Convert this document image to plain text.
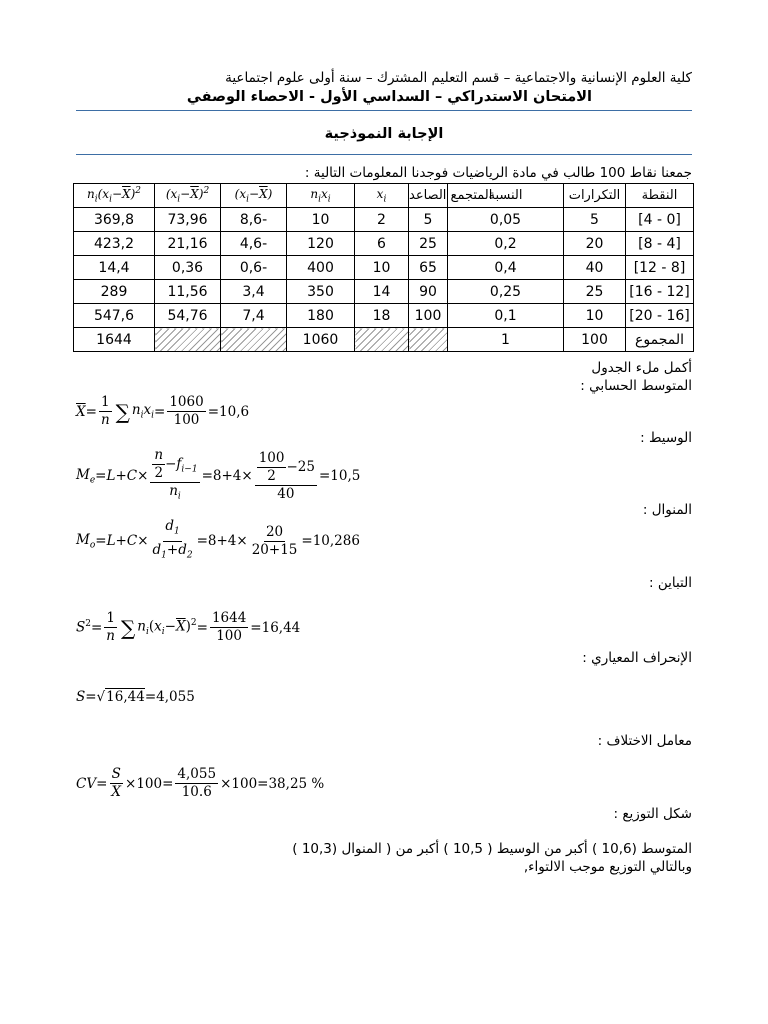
كلية العلوم الإنسانية والاجتماعية – قسم التعليم المشترك – سنة أولى علوم اجتماعية
الامتحان الاستدراكي – السداسي الأول - الاحصاء الوصفي
الإجابة النموذجية
جمعنا نقاط 100 طالب في مادة الرياضيات فوجدنا المعلومات التالية :
$n_i(x_i-\overline{X})^2$	$(x_i-\overline{X})^2$	$(x_i-\overline{X})$	$n_ix_i$	$x_i$	المتجمع الصاعد	النسبة	التكرارات	النقطة
369,8	73,96	8,6-	10	2	5	0,05	5	[4 - 0]
423,2	21,16	4,6-	120	6	25	0,2	20	[8 - 4]
14,4	0,36	0,6-	400	10	65	0,4	40	[12 - 8]
289	11,56	3,4	350	14	90	0,25	25	[16 - 12]
547,6	54,76	7,4	180	18	100	0,1	10	[20 - 16]
1644			1060			1	100	المجموع
أكمل ملء الجدول
المتوسط الحسابي :
$\overline{X} = \frac{1}{n}$ ∑ $n_ix_i = \frac{1060}{100} =10,6$
الوسيط :
$M_e = L + C \times \frac{\frac{n}{2} -f_{i-1}}{n_i} =8+4\times \frac{\frac{100}{2} -25}{40} =10,5$
المنوال :
$M_o = L + C \times \frac{d_1}{d_1+d_2} =8+4\times \frac{20}{20+15} =10,286$
التباين :
$S^2 = \frac{1}{n}$ ∑ $n_i(x_i-\overline{X})^2 = \frac{1644}{100} =16,44$
الإنحراف المعياري :
S =√ 16,44 =4,055
معامل الاختلاف :
CV = $\frac{S}{X} \times 100= \frac{4,055}{10.6} \times 100=38,25$ %
شكل التوزيع :
المتوسط (10,6 ) أكبر من الوسيط ( 10,5 ) أكبر من ( المنوال (10,3 )
وبالتالي التوزيع موجب الالتواء,
